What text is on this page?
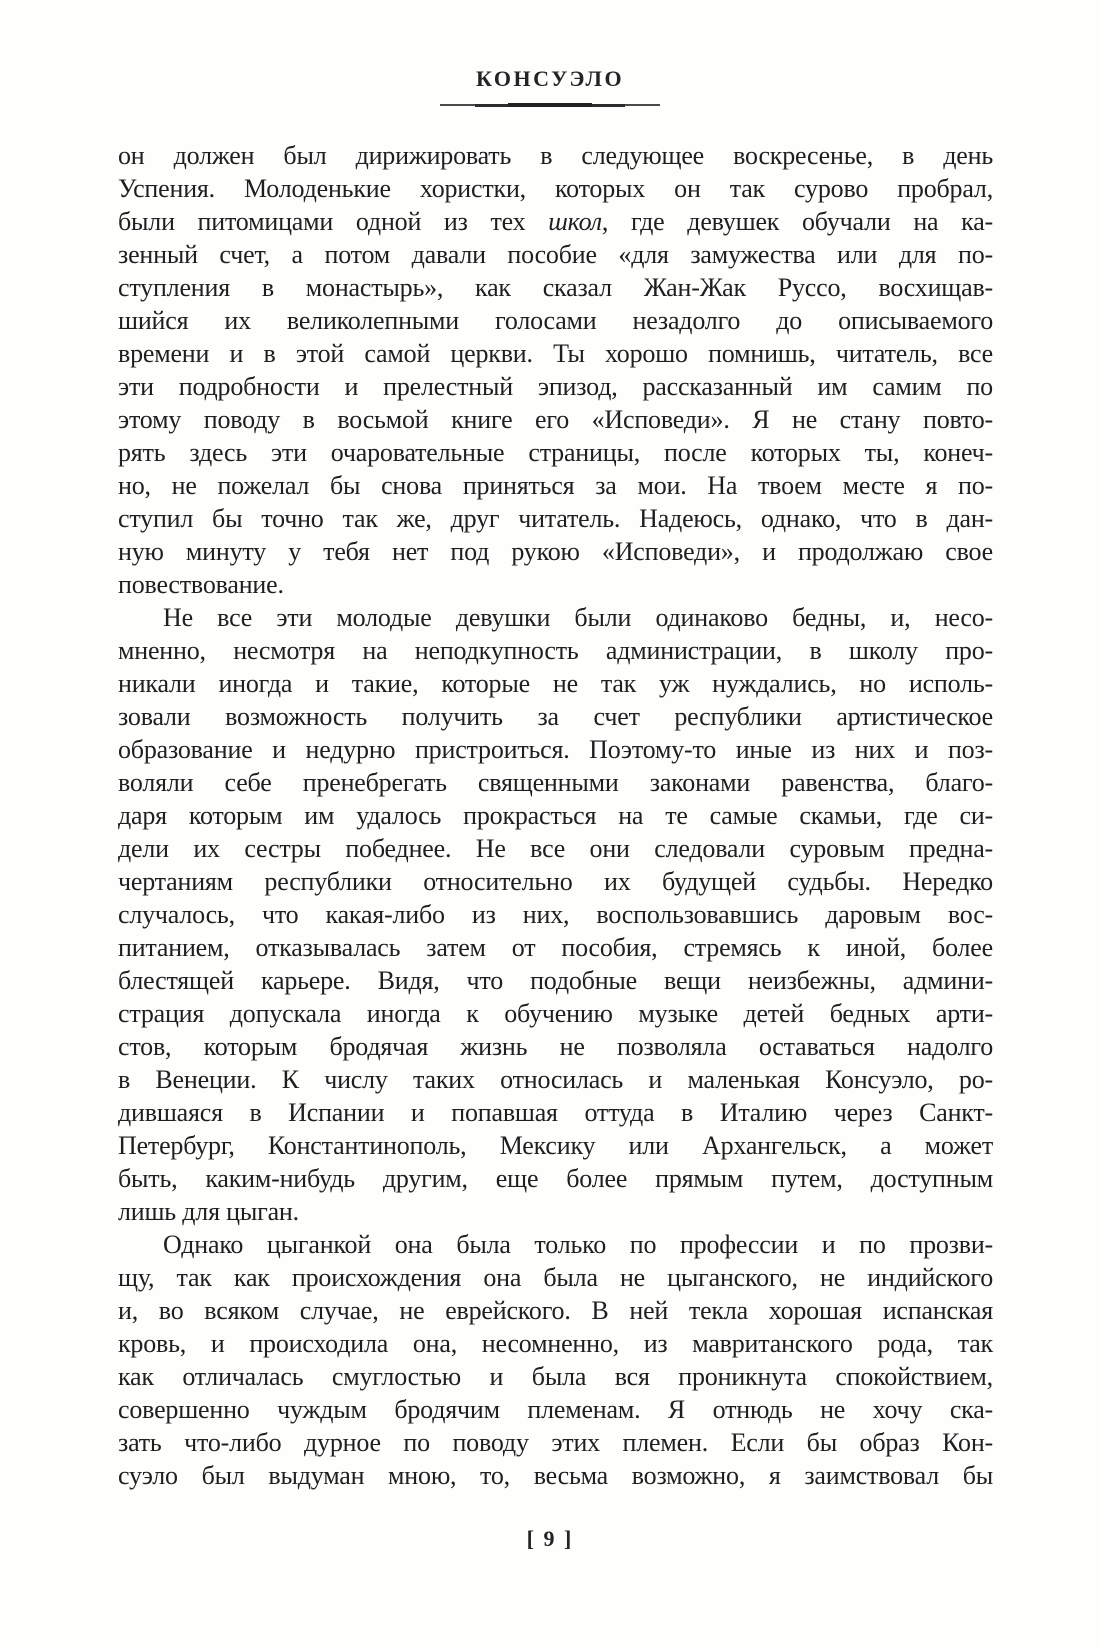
КОНСУЭЛО
он должен был дирижировать в следующее воскресенье, в день
Успения. Молоденькие хористки, которых он так сурово пробрал,
были питомицами одной из тех школ, где девушек обучали на ка-
зенный счет, а потом давали пособие «для замужества или для по-
ступления в монастырь», как сказал Жан-Жак Руссо, восхищав-
шийся их великолепными голосами незадолго до описываемого
времени и в этой самой церкви. Ты хорошо помнишь, читатель, все
эти подробности и прелестный эпизод, рассказанный им самим по
этому поводу в восьмой книге его «Исповеди». Я не стану повто-
рять здесь эти очаровательные страницы, после которых ты, конеч-
но, не пожелал бы снова приняться за мои. На твоем месте я по-
ступил бы точно так же, друг читатель. Надеюсь, однако, что в дан-
ную минуту у тебя нет под рукою «Исповеди», и продолжаю свое
повествование.
Не все эти молодые девушки были одинаково бедны, и, несо-
мненно, несмотря на неподкупность администрации, в школу про-
никали иногда и такие, которые не так уж нуждались, но исполь-
зовали возможность получить за счет республики артистическое
образование и недурно пристроиться. Поэтому-то иные из них и поз-
воляли себе пренебрегать священными законами равенства, благо-
даря которым им удалось прокрасться на те самые скамьи, где си-
дели их сестры победнее. Не все они следовали суровым предна-
чертаниям республики относительно их будущей судьбы. Нередко
случалось, что какая-либо из них, воспользовавшись даровым вос-
питанием, отказывалась затем от пособия, стремясь к иной, более
блестящей карьере. Видя, что подобные вещи неизбежны, админи-
страция допускала иногда к обучению музыке детей бедных арти-
стов, которым бродячая жизнь не позволяла оставаться надолго
в Венеции. К числу таких относилась и маленькая Консуэло, ро-
дившаяся в Испании и попавшая оттуда в Италию через Санкт-
Петербург, Константинополь, Мексику или Архангельск, а может
быть, каким-нибудь другим, еще более прямым путем, доступным
лишь для цыган.
Однако цыганкой она была только по профессии и по прозви-
щу, так как происхождения она была не цыганского, не индийского
и, во всяком случае, не еврейского. В ней текла хорошая испанская
кровь, и происходила она, несомненно, из мавританского рода, так
как отличалась смуглостью и была вся проникнута спокойствием,
совершенно чуждым бродячим племенам. Я отнюдь не хочу ска-
зать что-либо дурное по поводу этих племен. Если бы образ Кон-
суэло был выдуман мною, то, весьма возможно, я заимствовал бы
[ 9 ]
